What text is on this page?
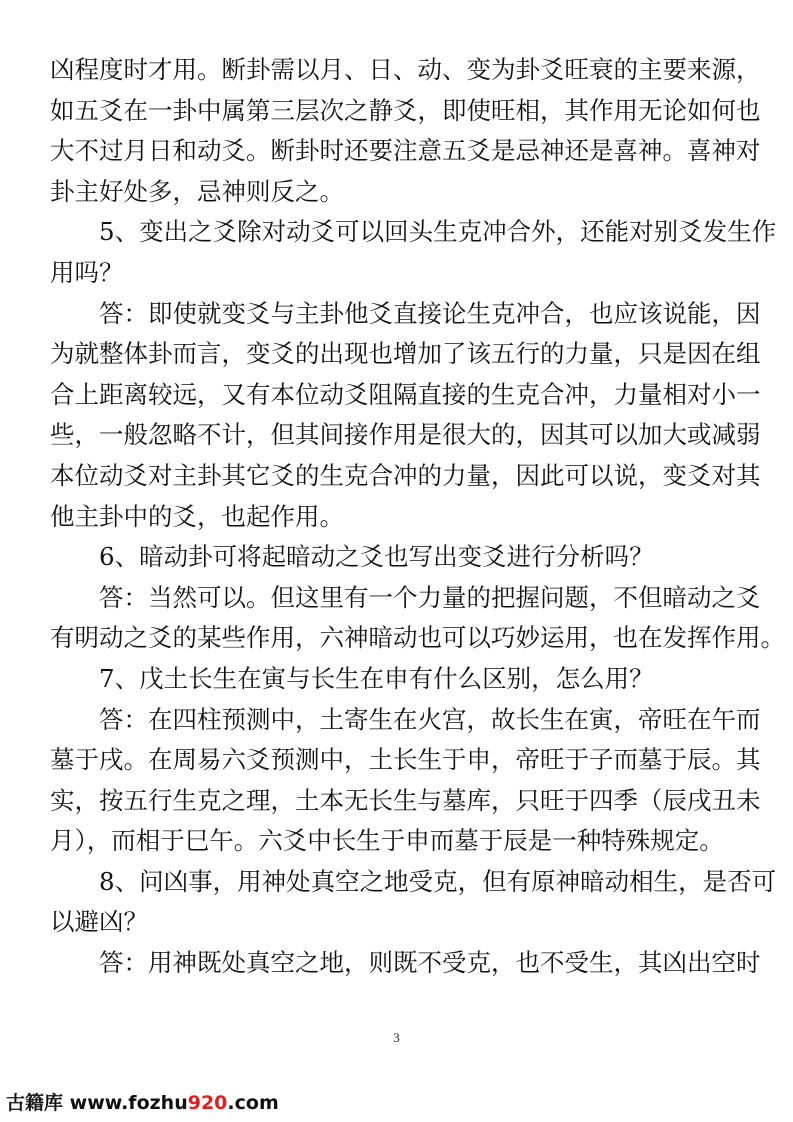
凶程度时才用。断卦需以月、日、动、变为卦爻旺衰的主要来源，
如五爻在一卦中属第三层次之静爻，即使旺相，其作用无论如何也
大不过月日和动爻。断卦时还要注意五爻是忌神还是喜神。喜神对
卦主好处多，忌神则反之。
5、变出之爻除对动爻可以回头生克冲合外，还能对别爻发生作
用吗？
答：即使就变爻与主卦他爻直接论生克冲合，也应该说能，因
为就整体卦而言，变爻的出现也增加了该五行的力量，只是因在组
合上距离较远，又有本位动爻阻隔直接的生克合冲，力量相对小一
些，一般忽略不计，但其间接作用是很大的，因其可以加大或减弱
本位动爻对主卦其它爻的生克合冲的力量，因此可以说，变爻对其
他主卦中的爻，也起作用。
6、暗动卦可将起暗动之爻也写出变爻进行分析吗？
答：当然可以。但这里有一个力量的把握问题，不但暗动之爻
有明动之爻的某些作用，六神暗动也可以巧妙运用，也在发挥作用。
7、戊土长生在寅与长生在申有什么区别，怎么用？
答：在四柱预测中，土寄生在火宫，故长生在寅，帝旺在午而
墓于戌。在周易六爻预测中，土长生于申，帝旺于子而墓于辰。其
实，按五行生克之理，土本无长生与墓库，只旺于四季（辰戌丑未
月），而相于巳午。六爻中长生于申而墓于辰是一种特殊规定。
8、问凶事，用神处真空之地受克，但有原神暗动相生，是否可
以避凶？
答：用神既处真空之地，则既不受克，也不受生，其凶出空时
3
古籍库 www.fozhu920.com
